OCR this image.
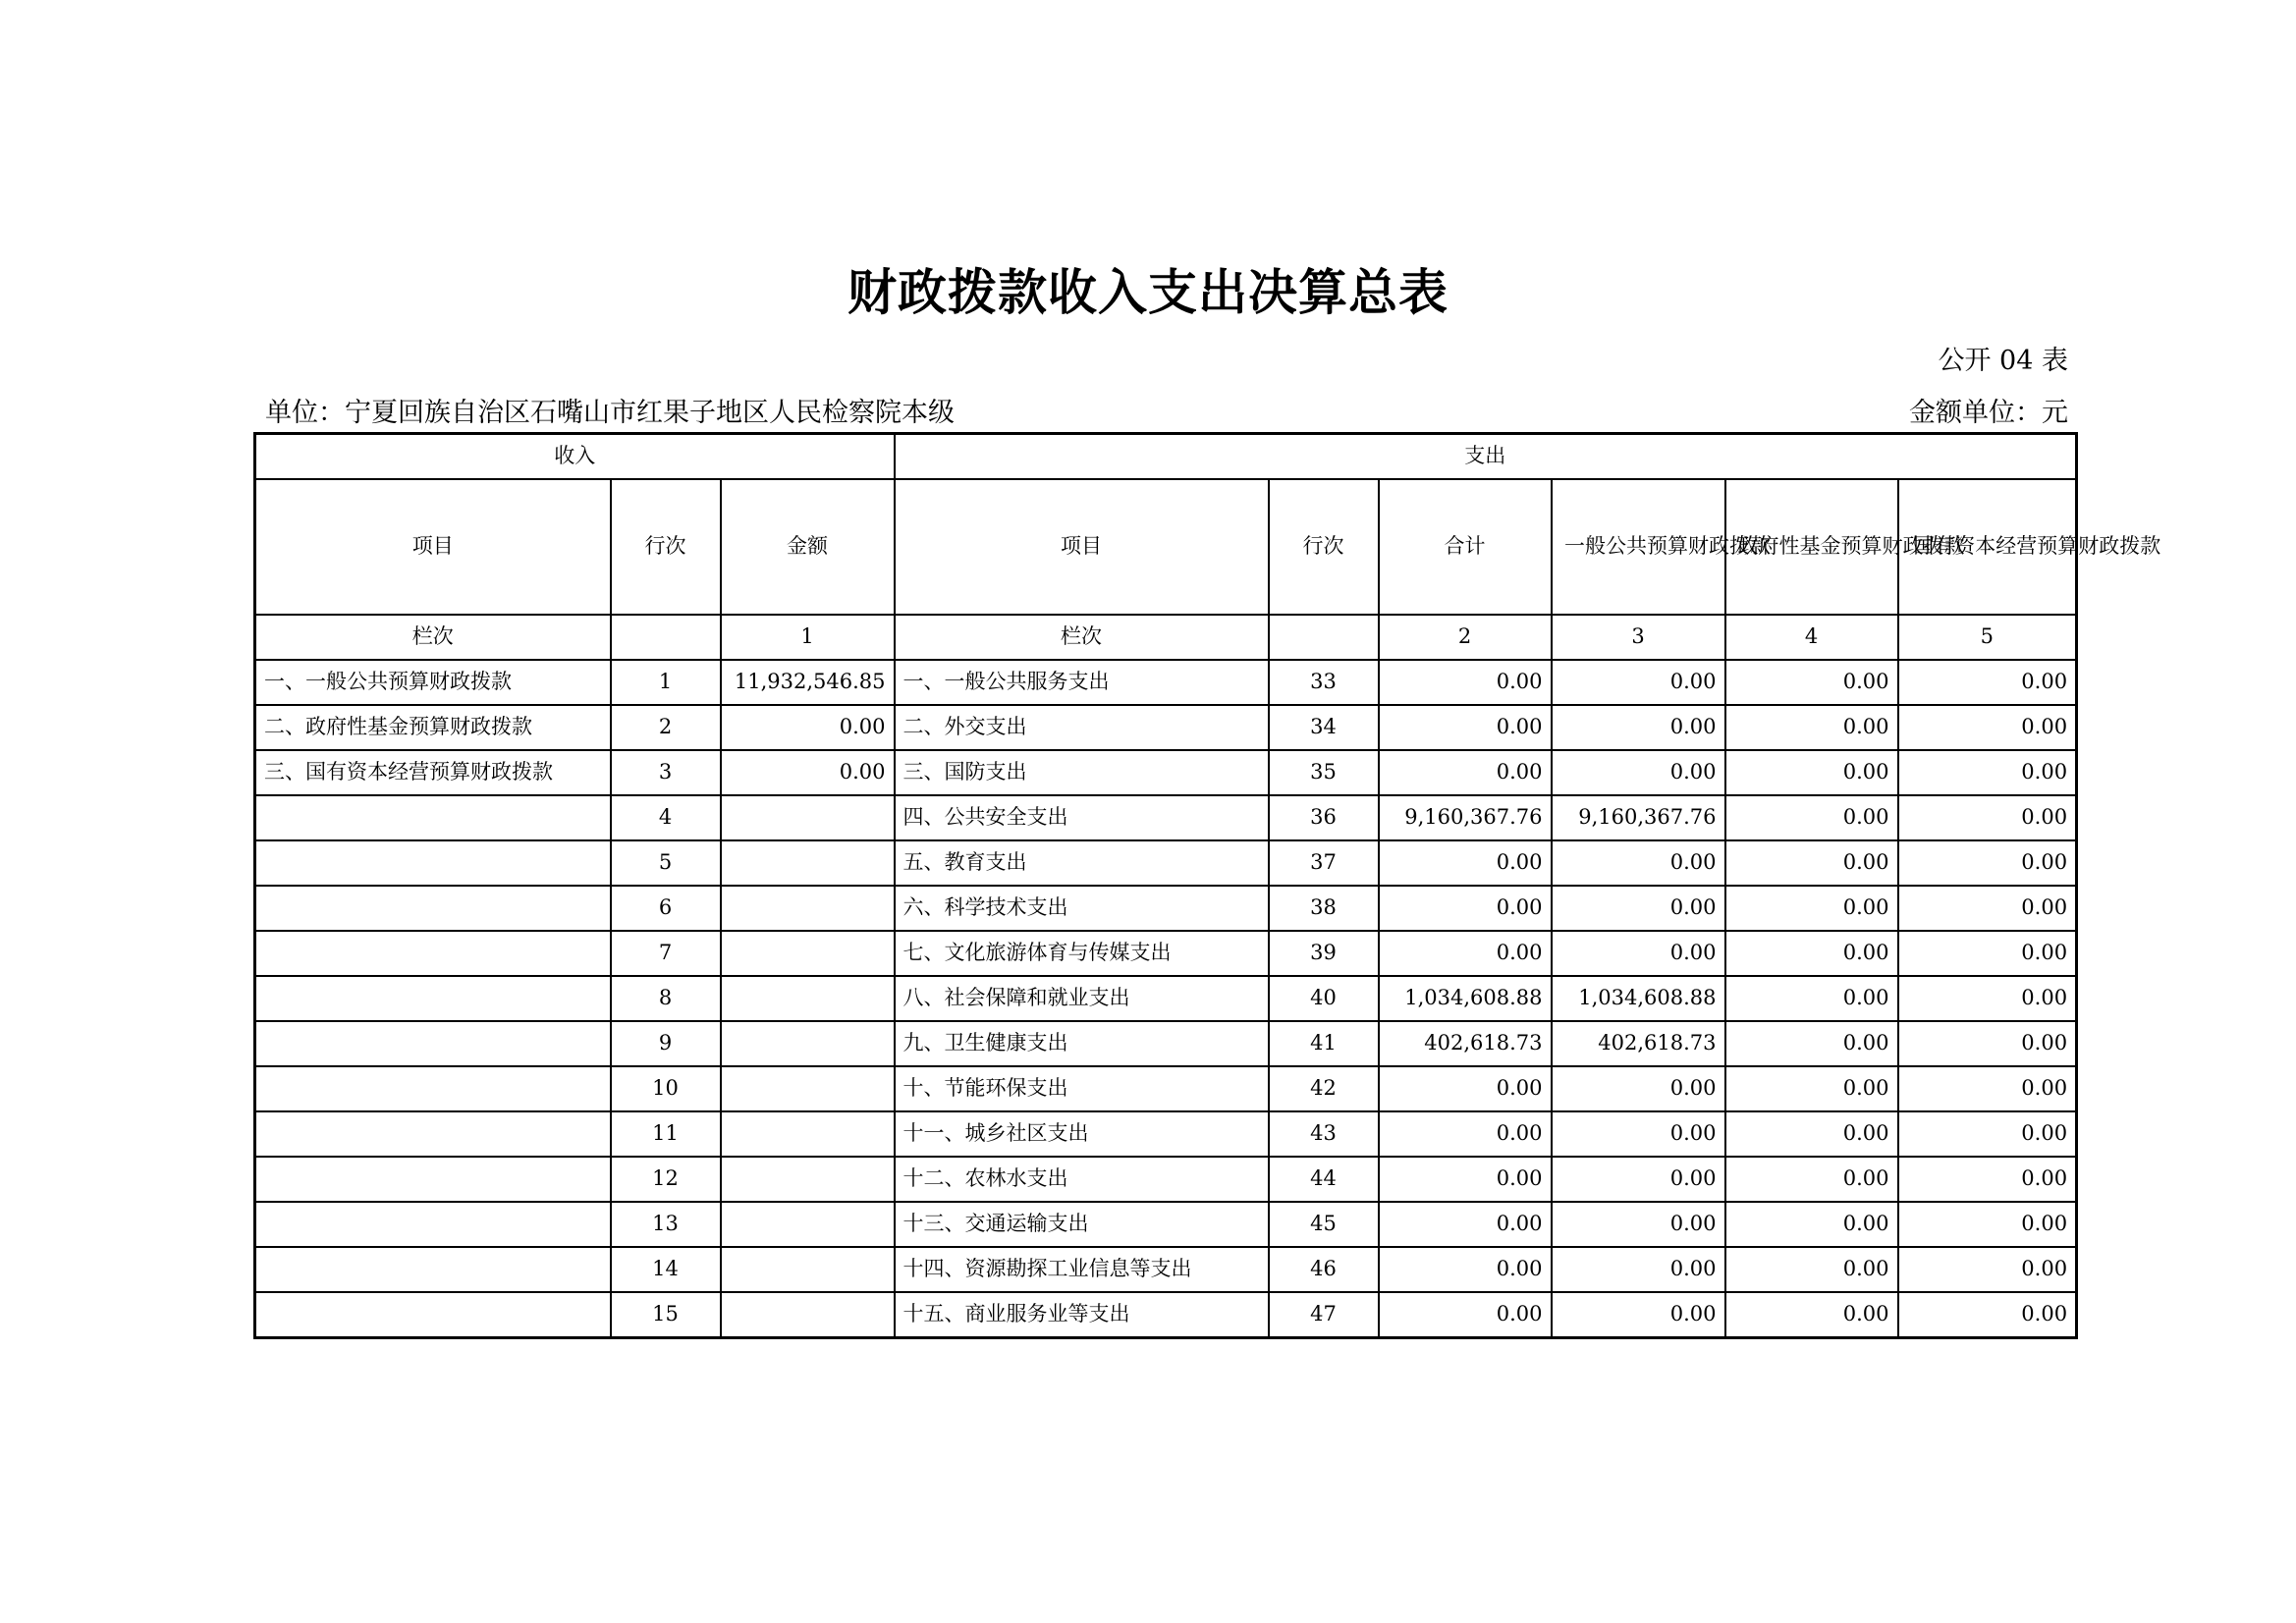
财政拨款收入支出决算总表
公开 04 表
单位：宁夏回族自治区石嘴山市红果子地区人民检察院本级	金额单位：元
收入			支出					
项目	行次	金额	项目	行次	合计	一般公共预算财政拨款	政府性基金预算财政拨款	国有资本经营预算财政拨款
栏次		1	栏次		2	3	4	5
一、一般公共预算财政拨款	1	11,932,546.85	一、一般公共服务支出	33	0.00	0.00	0.00	0.00
二、政府性基金预算财政拨款	2	0.00	二、外交支出	34	0.00	0.00	0.00	0.00
三、国有资本经营预算财政拨款	3	0.00	三、国防支出	35	0.00	0.00	0.00	0.00
	4		四、公共安全支出	36	9,160,367.76	9,160,367.76	0.00	0.00
	5		五、教育支出	37	0.00	0.00	0.00	0.00
	6		六、科学技术支出	38	0.00	0.00	0.00	0.00
	7		七、文化旅游体育与传媒支出	39	0.00	0.00	0.00	0.00
	8		八、社会保障和就业支出	40	1,034,608.88	1,034,608.88	0.00	0.00
	9		九、卫生健康支出	41	402,618.73	402,618.73	0.00	0.00
	10		十、节能环保支出	42	0.00	0.00	0.00	0.00
	11		十一、城乡社区支出	43	0.00	0.00	0.00	0.00
	12		十二、农林水支出	44	0.00	0.00	0.00	0.00
	13		十三、交通运输支出	45	0.00	0.00	0.00	0.00
	14		十四、资源勘探工业信息等支出	46	0.00	0.00	0.00	0.00
	15		十五、商业服务业等支出	47	0.00	0.00	0.00	0.00
